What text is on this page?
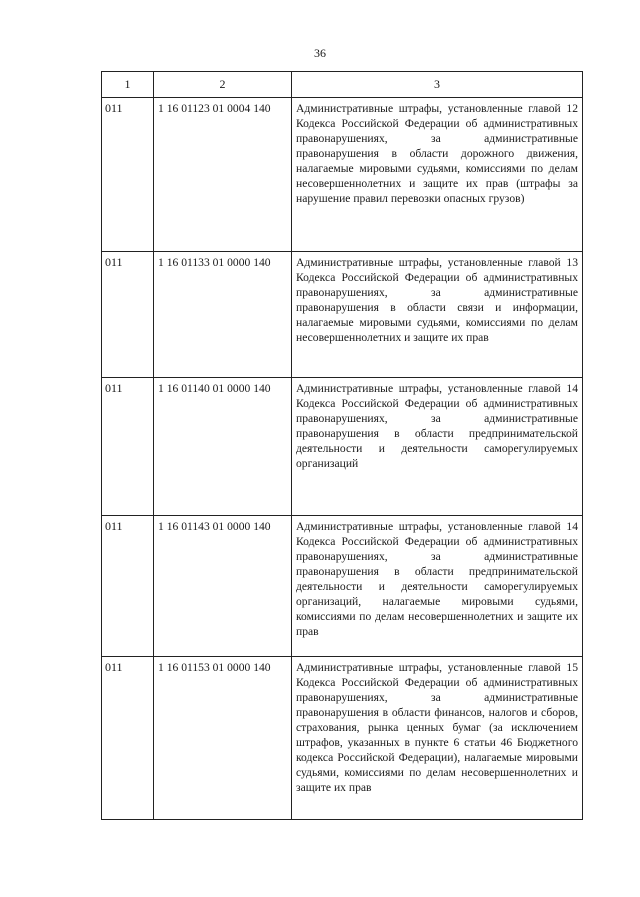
36
1	2	3
011	1 16 01123 01 0004 140	Административные штрафы, установленные главой 12 Кодекса Российской Федерации об административных правонарушениях, за административные правонарушения в области дорожного движения, налагаемые мировыми судьями, комиссиями по делам несовершеннолетних и защите их прав (штрафы за нарушение правил перевозки опасных грузов)
011	1 16 01133 01 0000 140	Административные штрафы, установленные главой 13 Кодекса Российской Федерации об административных правонарушениях, за административные правонарушения в области связи и информации, налагаемые мировыми судьями, комиссиями по делам несовершеннолетних и защите их прав
011	1 16 01140 01 0000 140	Административные штрафы, установленные главой 14 Кодекса Российской Федерации об административных правонарушениях, за административные правонарушения в области предпринимательской деятельности и деятельности саморегулируемых организаций
011	1 16 01143 01 0000 140	Административные штрафы, установленные главой 14 Кодекса Российской Федерации об административных правонарушениях, за административные правонарушения в области предпринимательской деятельности и деятельности саморегулируемых организаций, налагаемые мировыми судьями, комиссиями по делам несовершеннолетних и защите их прав
011	1 16 01153 01 0000 140	Административные штрафы, установленные главой 15 Кодекса Российской Федерации об административных правонарушениях, за административные правонарушения в области финансов, налогов и сборов, страхования, рынка ценных бумаг (за исключением штрафов, указанных в пункте 6 статьи 46 Бюджетного кодекса Российской Федерации), налагаемые мировыми судьями, комиссиями по делам несовершеннолетних и защите их прав
